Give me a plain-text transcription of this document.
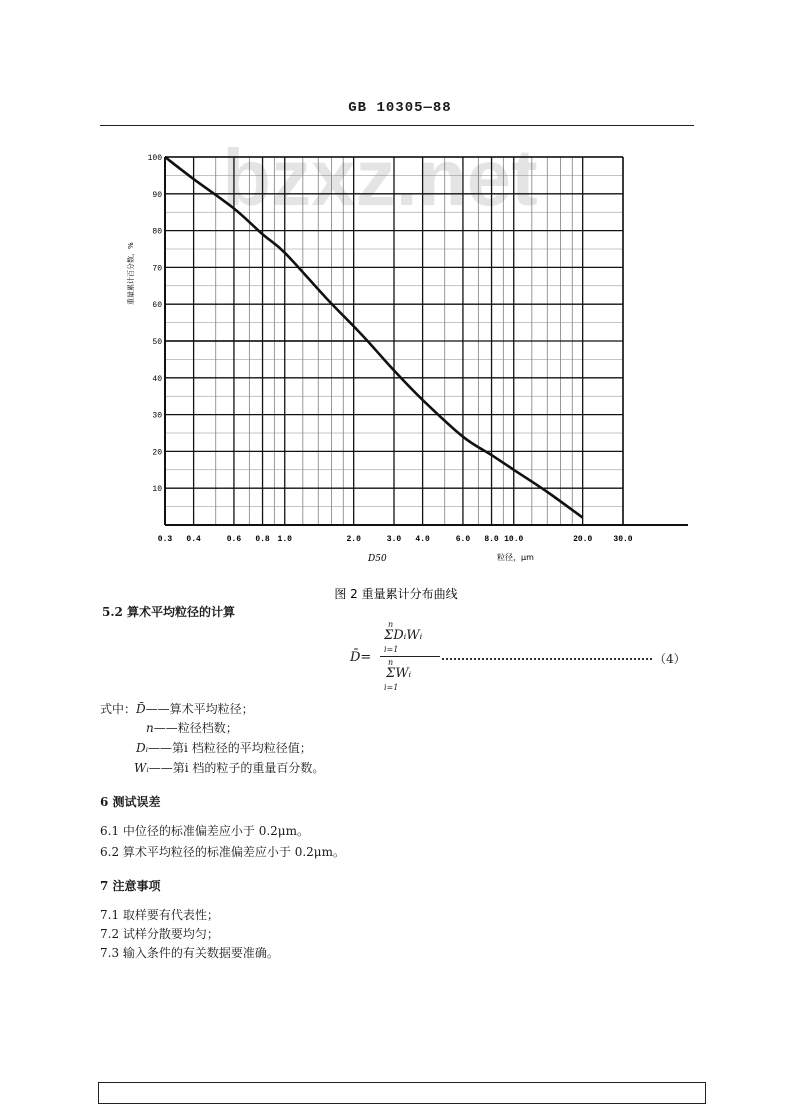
GB 10305—88
bzxz.net
0.3 0.4	0.6 0.8 1.0	2.0	3.0 4.0	6.0 8.0 10.0	20.0	30.0
10
20
30
40
50
60
70
80
90
100
重量累计百分数，%
粒径，μm
D50
图 2 重量累计分布曲线
5.2 算术平均粒径的计算
D̄=
n
ΣDᵢWᵢ
i=1
n
ΣWᵢ
i=1
（4）
式中： D̄——算术平均粒径；
n——粒径档数；
Dᵢ——第i 档粒径的平均粒径值；
Wᵢ——第i 档的粒子的重量百分数。
6 测试误差
6.1 中位径的标准偏差应小于 0.2μm。
6.2 算术平均粒径的标准偏差应小于 0.2μm。
7 注意事项
7.1 取样要有代表性；
7.2 试样分散要均匀；
7.3 输入条件的有关数据要准确。
